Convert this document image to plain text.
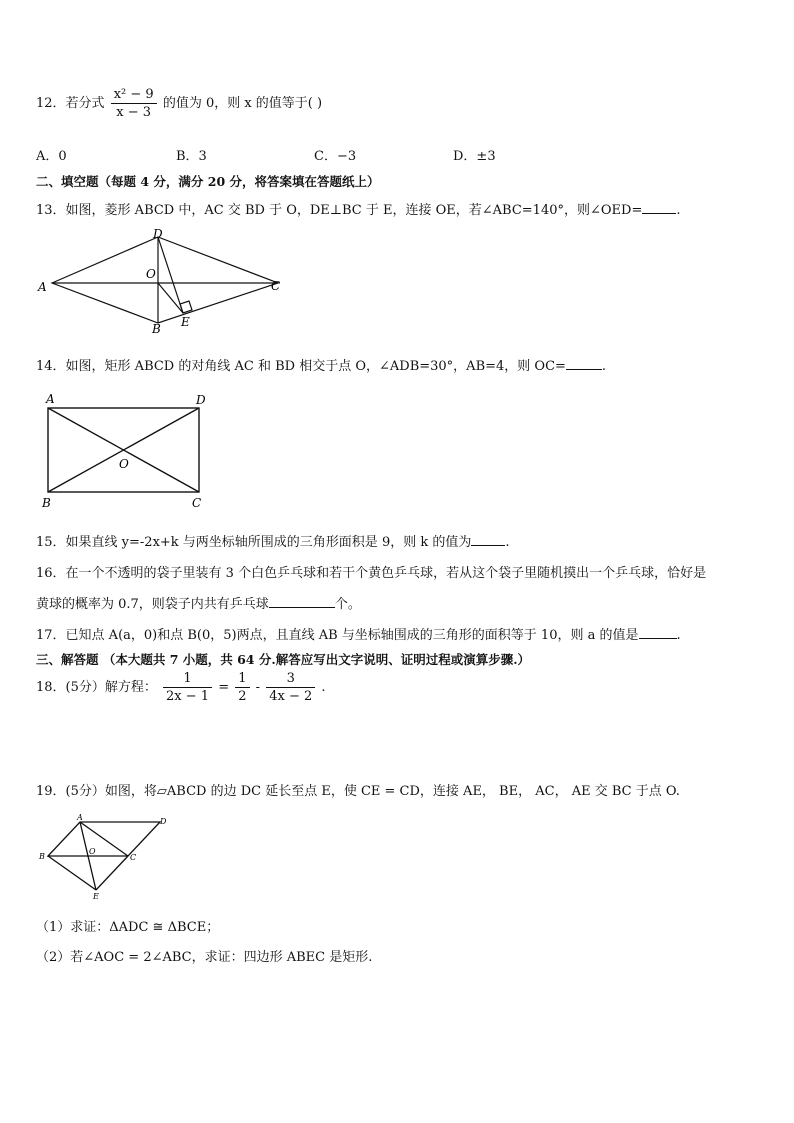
12．若分式 $\frac{\text{x² − 9}}{x - 3}$ 的值为 0，则 x 的值等于( )
A．0	B．3	C．−3	D．±3
二、填空题（每题 4 分，满分 20 分，将答案填在答题纸上）
13．如图，菱形 ABCD 中，AC 交 BD 于 O，DE⊥BC 于 E，连接 OE，若∠ABC=140°，则∠OED=	.
A
D
O
C
B E
14．如图，矩形 ABCD 的对角线 AC 和 BD 相交于点 O，∠ADB=30°，AB=4，则 OC=	.
A	D
O
B	C
15．如果直线 y=-2x+k 与两坐标轴所围成的三角形面积是 9，则 k 的值为	.
16．在一个不透明的袋子里装有 3 个白色乒乓球和若干个黄色乒乓球，若从这个袋子里随机摸出一个乒乓球，恰好是
黄球的概率为 0.7，则袋子内共有乒乓球	个。
17．已知点 A(a，0)和点 B(0，5)两点，且直线 AB 与坐标轴围成的三角形的面积等于 10，则 a 的值是	.
三、解答题 （本大题共 7 小题，共 64 分.解答应写出文字说明、证明过程或演算步骤.）
18．(5分）解方程： $\frac{1}{2x - 1} = \frac{1}{2} - \frac{3}{4x - 2}$ .
19．(5分）如图，将▱ABCD 的边 DC 延长至点 E，使 CE = CD，连接 AE， BE， AC， AE 交 BC 于点 O.
A	D
B
O
C
E
（1）求证：ΔADC ≅ ΔBCE；
（2）若∠AOC = 2∠ABC，求证：四边形 ABEC 是矩形.
